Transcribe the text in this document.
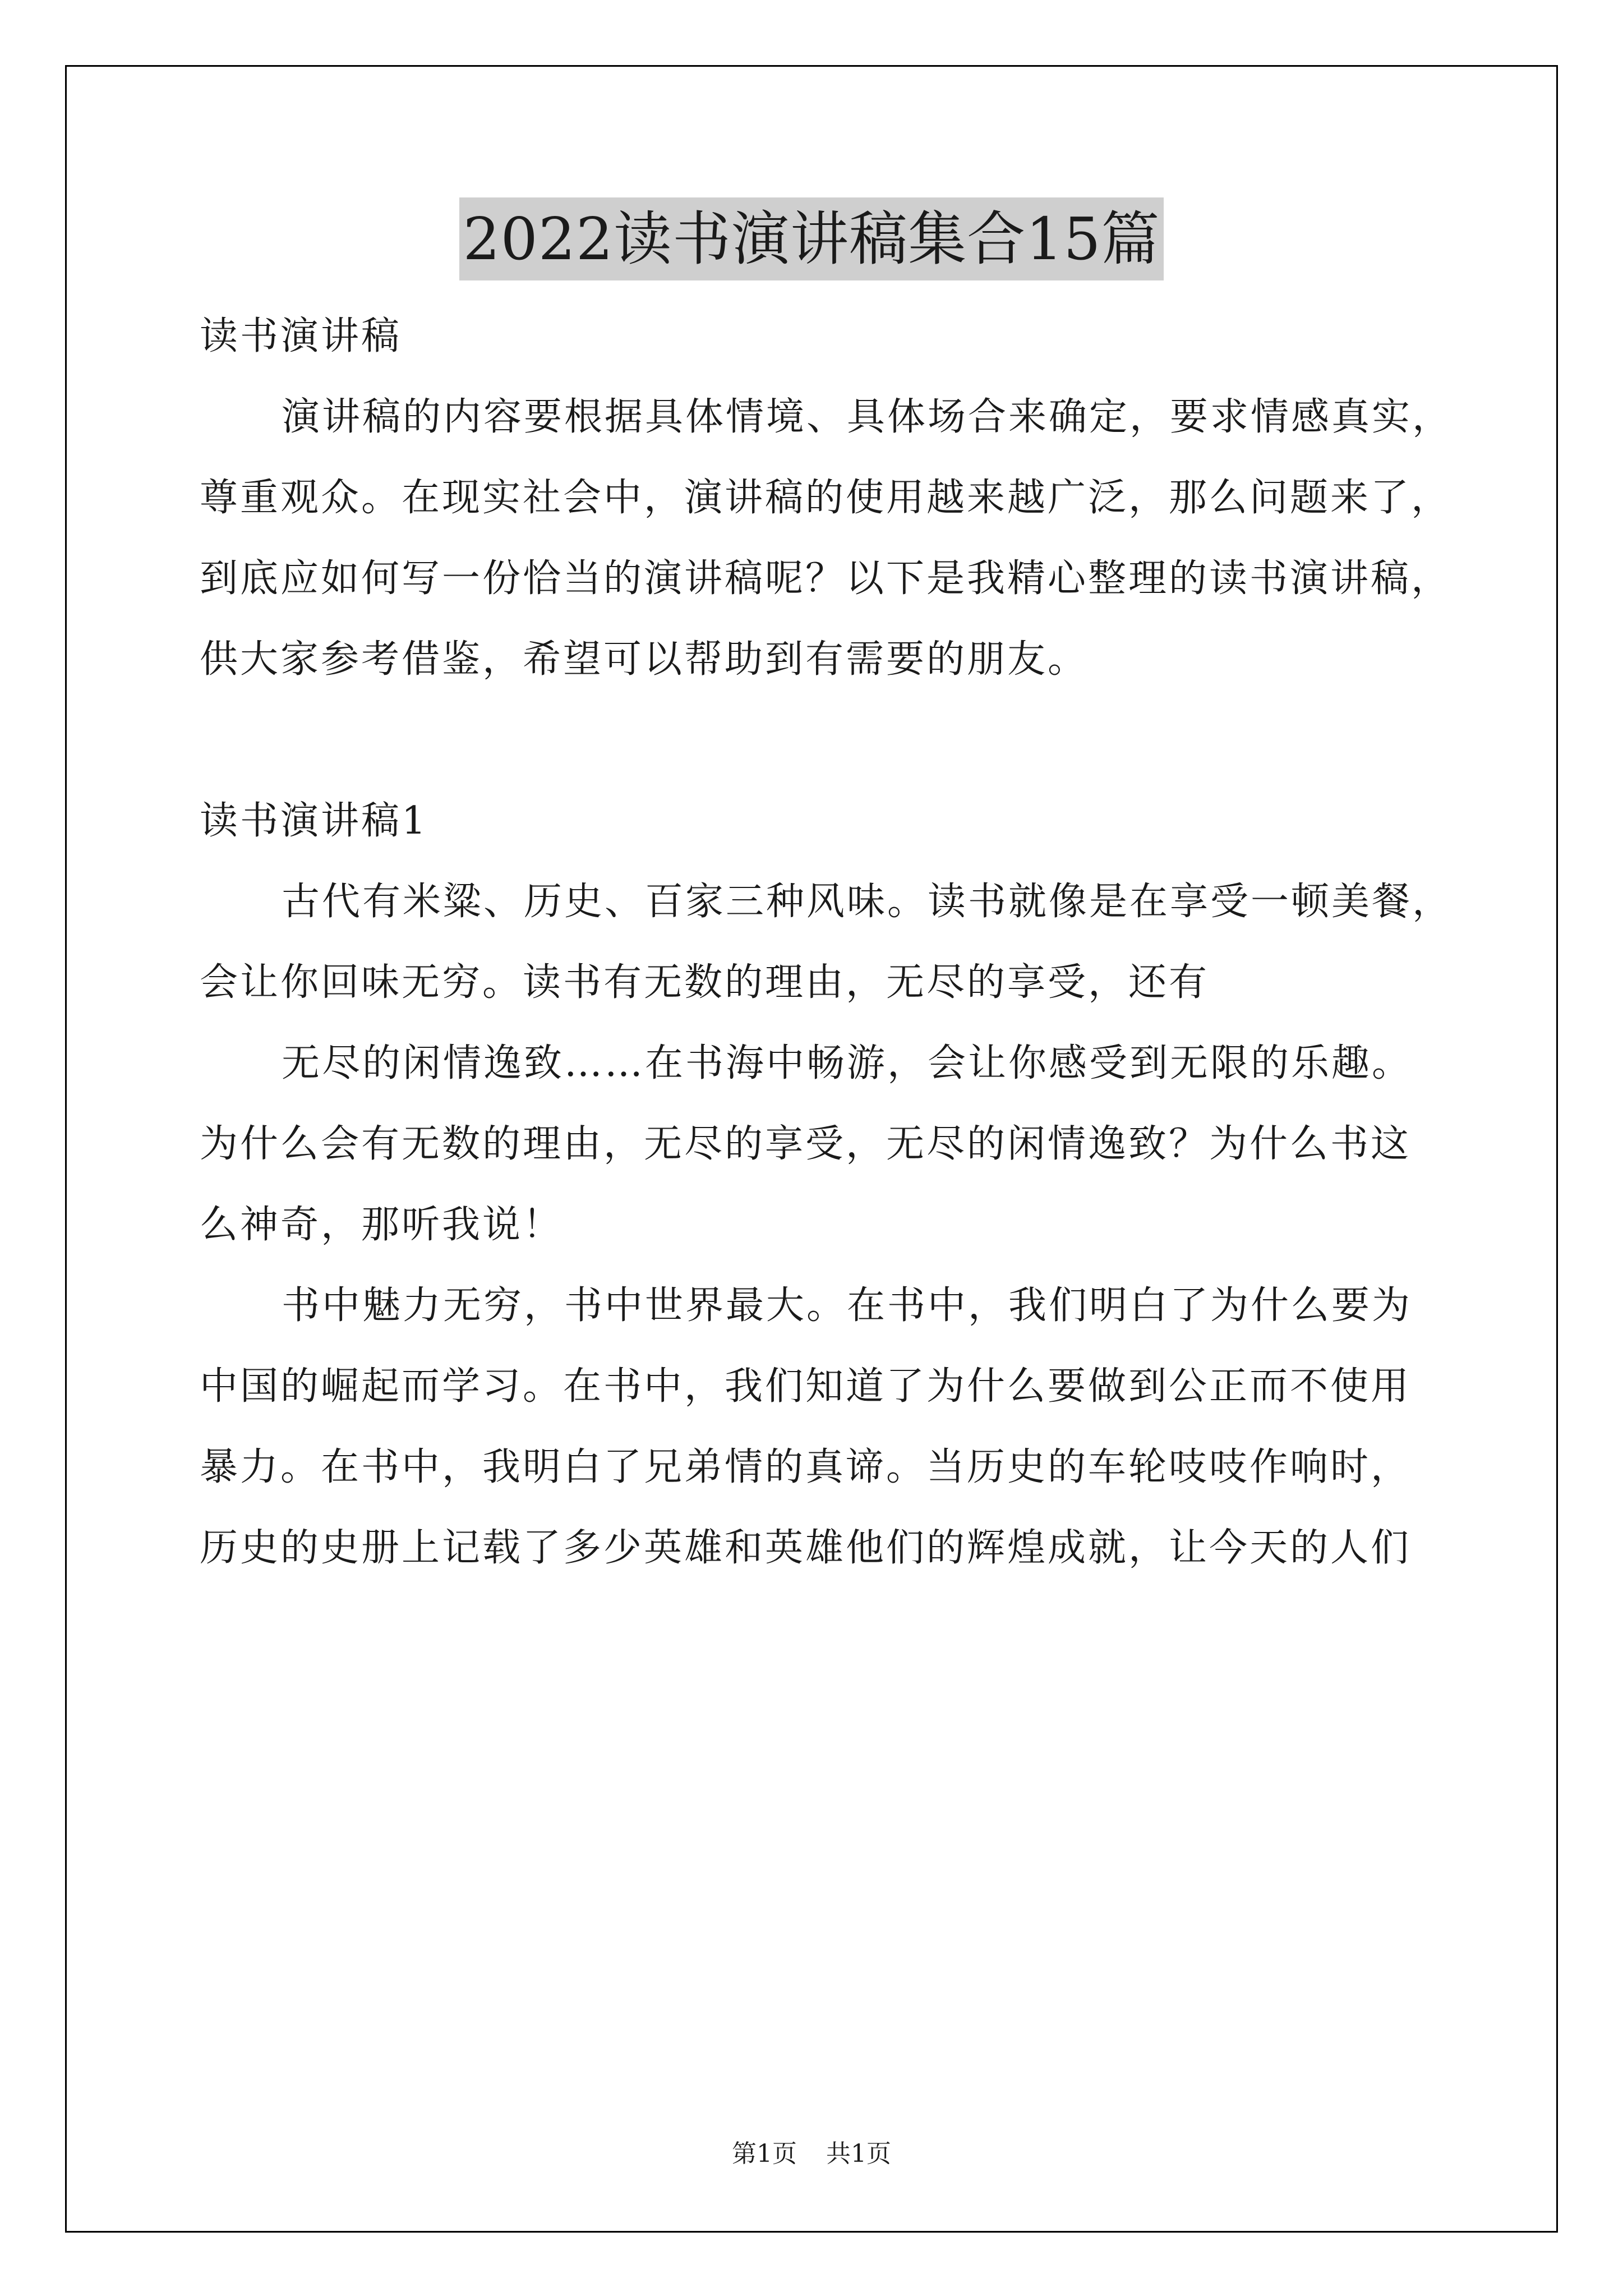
2022读书演讲稿集合15篇
读书演讲稿
演讲稿的内容要根据具体情境、具体场合来确定，要求情感真实，
尊重观众。在现实社会中，演讲稿的使用越来越广泛，那么问题来了，
到底应如何写一份恰当的演讲稿呢？以下是我精心整理的读书演讲稿，
供大家参考借鉴，希望可以帮助到有需要的朋友。
读书演讲稿1
古代有米粱、历史、百家三种风味。读书就像是在享受一顿美餐，
会让你回味无穷。读书有无数的理由，无尽的享受，还有
无尽的闲情逸致……在书海中畅游，会让你感受到无限的乐趣。
为什么会有无数的理由，无尽的享受，无尽的闲情逸致？为什么书这
么神奇，那听我说！
书中魅力无穷，书中世界最大。在书中，我们明白了为什么要为
中国的崛起而学习。在书中，我们知道了为什么要做到公正而不使用
暴力。在书中，我明白了兄弟情的真谛。当历史的车轮吱吱作响时，
历史的史册上记载了多少英雄和英雄他们的辉煌成就，让今天的人们
第1页 共1页
